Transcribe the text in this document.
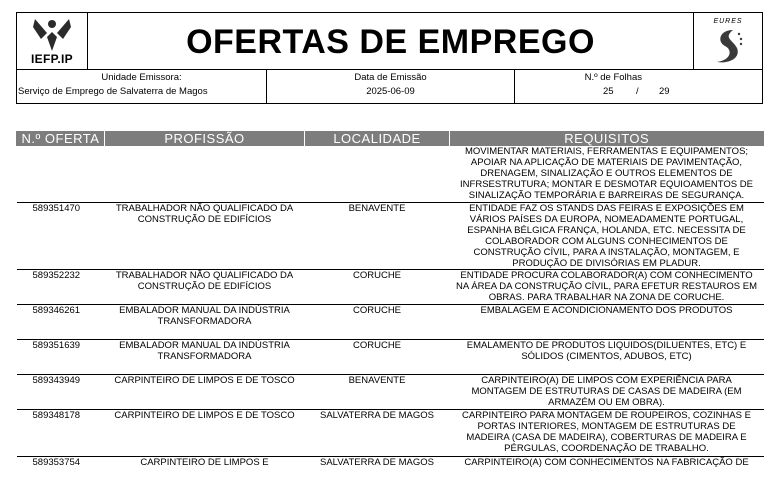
IEFP.IP	OFERTAS DE EMPREGO
EURES
Unidade Emissora:
Serviço de Emprego de Salvaterra de Magos
Data de Emissão
2025-06-09
N.º de Folhas
25 / 29
N.º OFERTA	PROFISSÃO	LOCALIDADE	REQUISITOS
			MOVIMENTAR MATERIAIS, FERRAMENTAS E EQUIPAMENTOS; APOIAR NA APLICAÇÃO DE MATERIAIS DE PAVIMENTAÇÃO, DRENAGEM, SINALIZAÇÃO E OUTROS ELEMENTOS DE INFRSESTRUTURA; MONTAR E DESMOTAR EQUIOAMENTOS DE SINALIZAÇÃO TEMPORÁRIA E BARREIRAS DE SEGURANÇA.
589351470	TRABALHADOR NÃO QUALIFICADO DA CONSTRUÇÃO DE EDIFÍCIOS	BENAVENTE	ENTIDADE FAZ OS STANDS DAS FEIRAS E EXPOSIÇÕES EM VÁRIOS PAÍSES DA EUROPA, NOMEADAMENTE PORTUGAL, ESPANHA BÉLGICA FRANÇA, HOLANDA, ETC. NECESSITA DE COLABORADOR COM ALGUNS CONHECIMENTOS DE CONSTRUÇÃO CÍVIL, PARA A INSTALAÇÃO, MONTAGEM, E PRODUÇÃO DE DIVISÓRIAS EM PLADUR.
589352232	TRABALHADOR NÃO QUALIFICADO DA CONSTRUÇÃO DE EDIFÍCIOS	CORUCHE	ENTIDADE PROCURA COLABORADOR(A) COM CONHECIMENTO NA ÁREA DA CONSTRUÇÃO CÍVIL, PARA EFETUR RESTAUROS EM OBRAS. PARA TRABALHAR NA ZONA DE CORUCHE.
589346261	EMBALADOR MANUAL DA INDÚSTRIA TRANSFORMADORA	CORUCHE	EMBALAGEM E ACONDICIONAMENTO DOS PRODUTOS
589351639	EMBALADOR MANUAL DA INDÚSTRIA TRANSFORMADORA	CORUCHE	EMALAMENTO DE PRODUTOS LIQUIDOS(DILUENTES, ETC) E SÓLIDOS (CIMENTOS, ADUBOS, ETC)
589343949	CARPINTEIRO DE LIMPOS E DE TOSCO	BENAVENTE	CARPINTEIRO(A) DE LIMPOS COM EXPERIÊNCIA PARA MONTAGEM DE ESTRUTURAS DE CASAS DE MADEIRA (EM ARMAZÉM OU EM OBRA).
589348178	CARPINTEIRO DE LIMPOS E DE TOSCO	SALVATERRA DE MAGOS	CARPINTEIRO PARA MONTAGEM DE ROUPEIROS, COZINHAS E PORTAS INTERIORES, MONTAGEM DE ESTRUTURAS DE MADEIRA (CASA DE MADEIRA), COBERTURAS DE MADEIRA E PÉRGULAS, COORDENAÇÃO DE TRABALHO.
589353754	CARPINTEIRO DE LIMPOS E	SALVATERRA DE MAGOS	CARPINTEIRO(A) COM CONHECIMENTOS NA FABRICAÇÃO DE
